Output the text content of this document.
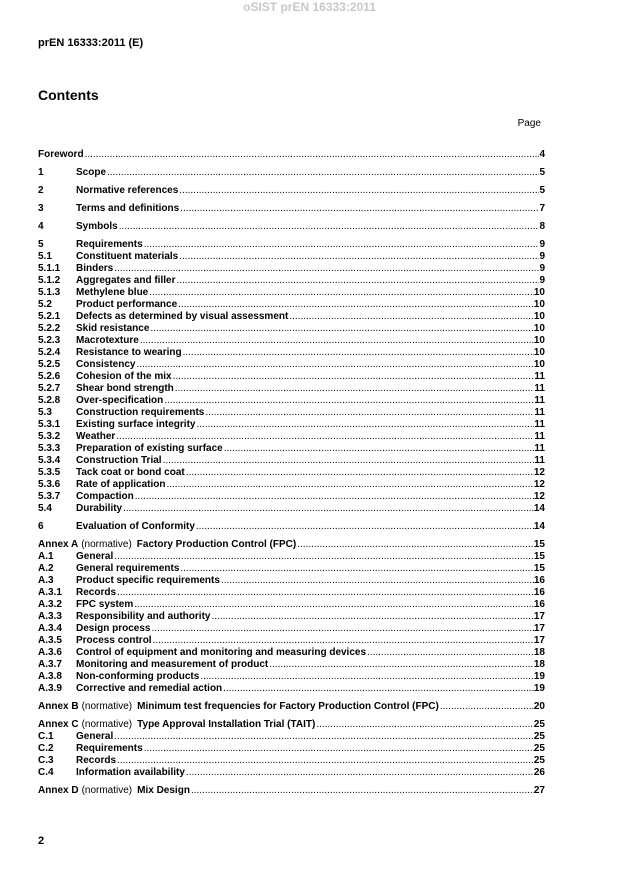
oSIST prEN 16333:2011
prEN 16333:2011 (E)
Contents
Page
Foreword .....	4
1	Scope .....	5
2	Normative references .....	5
3	Terms and definitions .....	7
4	Symbols .....	8
5	Requirements .....	9
5.1	Constituent materials .....	9
5.1.1	Binders .....	9
5.1.2	Aggregates and filler .....	9
5.1.3	Methylene blue .....	10
5.2	Product performance .....	10
5.2.1	Defects as determined by visual assessment .....	10
5.2.2	Skid resistance .....	10
5.2.3	Macrotexture .....	10
5.2.4	Resistance to wearing .....	10
5.2.5	Consistency .....	10
5.2.6	Cohesion of the mix .....	11
5.2.7	Shear bond strength .....	11
5.2.8	Over-specification .....	11
5.3	Construction requirements .....	11
5.3.1	Existing surface integrity .....	11
5.3.2	Weather .....	11
5.3.3	Preparation of existing surface .....	11
5.3.4	Construction Trial .....	11
5.3.5	Tack coat or bond coat .....	12
5.3.6	Rate of application .....	12
5.3.7	Compaction .....	12
5.4	Durability .....	14
6	Evaluation of Conformity .....	14
Annex A (normative) Factory Production Control (FPC) .....	15
A.1	General .....	15
A.2	General requirements .....	15
A.3	Product specific requirements .....	16
A.3.1	Records .....	16
A.3.2	FPC system .....	16
A.3.3	Responsibility and authority .....	17
A.3.4	Design process .....	17
A.3.5	Process control .....	17
A.3.6	Control of equipment and monitoring and measuring devices .....	18
A.3.7	Monitoring and measurement of product .....	18
A.3.8	Non-conforming products .....	19
A.3.9	Corrective and remedial action .....	19
Annex B (normative) Minimum test frequencies for Factory Production Control (FPC) .....	20
Annex C (normative) Type Approval Installation Trial (TAIT) .....	25
C.1	General .....	25
C.2	Requirements .....	25
C.3	Records .....	25
C.4	Information availability .....	26
Annex D (normative) Mix Design .....	27
2
